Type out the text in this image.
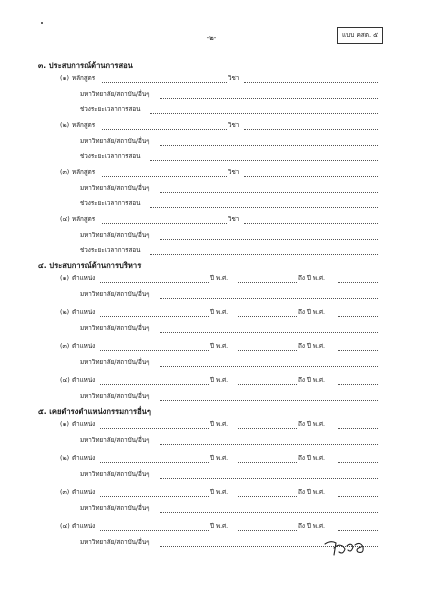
-๒-	แบบ คสต. ๕
๓. ประสบการณ์ด้านการสอน
(๑) หลักสูตร	วิชา
มหาวิทยาลัย/สถาบัน/อื่นๆ
ช่วงระยะเวลาการสอน
(๒) หลักสูตร	วิชา
มหาวิทยาลัย/สถาบัน/อื่นๆ
ช่วงระยะเวลาการสอน
(๓) หลักสูตร	วิชา
มหาวิทยาลัย/สถาบัน/อื่นๆ
ช่วงระยะเวลาการสอน
(๔) หลักสูตร	วิชา
มหาวิทยาลัย/สถาบัน/อื่นๆ
ช่วงระยะเวลาการสอน
๔. ประสบการณ์ด้านการบริหาร
(๑) ตำแหน่ง	ปี พ.ศ.	ถึง ปี พ.ศ.
มหาวิทยาลัย/สถาบัน/อื่นๆ
(๒) ตำแหน่ง	ปี พ.ศ.	ถึง ปี พ.ศ.
มหาวิทยาลัย/สถาบัน/อื่นๆ
(๓) ตำแหน่ง	ปี พ.ศ.	ถึง ปี พ.ศ.
มหาวิทยาลัย/สถาบัน/อื่นๆ
(๔) ตำแหน่ง	ปี พ.ศ.	ถึง ปี พ.ศ.
มหาวิทยาลัย/สถาบัน/อื่นๆ
๕. เคยดำรงตำแหน่งกรรมการอื่นๆ
(๑) ตำแหน่ง	ปี พ.ศ.	ถึง ปี พ.ศ.
มหาวิทยาลัย/สถาบัน/อื่นๆ
(๒) ตำแหน่ง	ปี พ.ศ.	ถึง ปี พ.ศ.
มหาวิทยาลัย/สถาบัน/อื่นๆ
(๓) ตำแหน่ง	ปี พ.ศ.	ถึง ปี พ.ศ.
มหาวิทยาลัย/สถาบัน/อื่นๆ
(๔) ตำแหน่ง	ปี พ.ศ.	ถึง ปี พ.ศ.
มหาวิทยาลัย/สถาบัน/อื่นๆ
